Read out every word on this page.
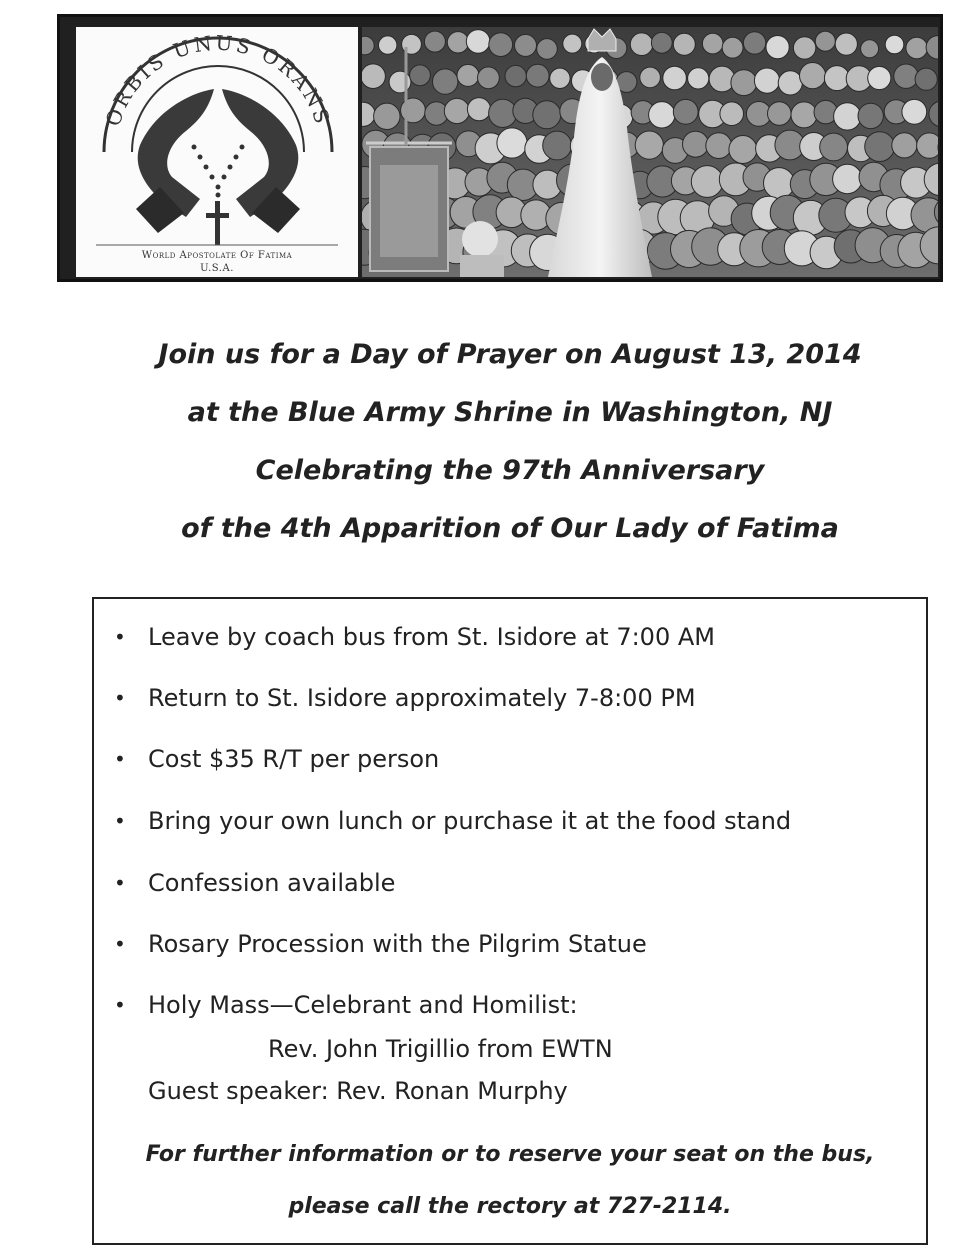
ORBIS UNUS ORANS
World Apostolate Of Fatima
U.S.A.
Join us for a Day of Prayer on August 13, 2014
at the Blue Army Shrine in Washington, NJ
Celebrating the 97th Anniversary
of the 4th Apparition of Our Lady of Fatima
• Leave by coach bus from St. Isidore at 7:00 AM
• Return to St. Isidore approximately 7-8:00 PM
• Cost $35 R/T per person
• Bring your own lunch or purchase it at the food stand
• Confession available
• Rosary Procession with the Pilgrim Statue
• Holy Mass—Celebrant and Homilist:
Rev. John Trigillio from EWTN
Guest speaker: Rev. Ronan Murphy
For further information or to reserve your seat on the bus,
please call the rectory at 727-2114.
